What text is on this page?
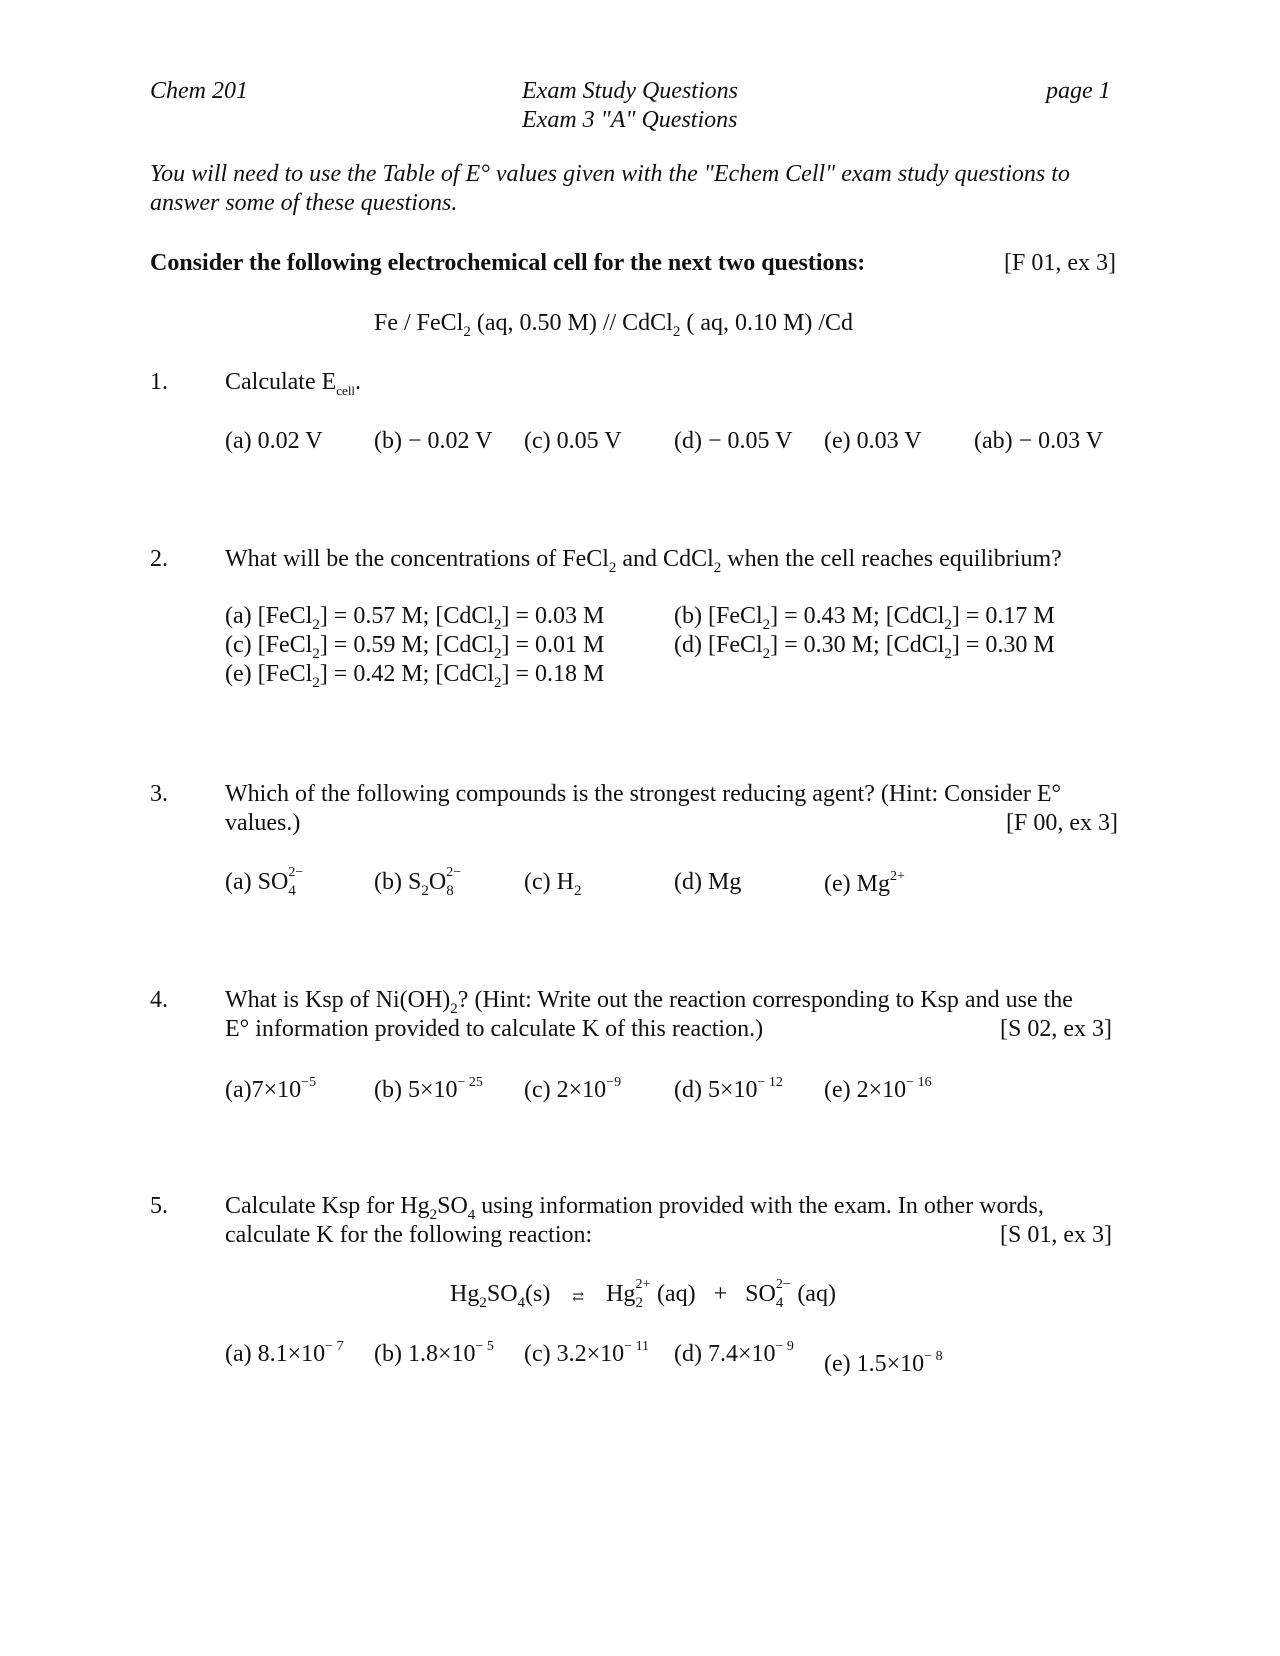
Chem 201	Exam Study Questions
Exam 3 "A" Questions
page 1
You will need to use the Table of E° values given with the "Echem Cell" exam study questions to
answer some of these questions.
Consider the following electrochemical cell for the next two questions:	[F 01, ex 3]
Fe / FeCl$_2$ (aq, 0.50 M) // CdCl$_2$ ( aq, 0.10 M) /Cd
1. Calculate $E_{cell}$.
(a) 0.02 V (b) − 0.02 V (c) 0.05 V (d) − 0.05 V (e) 0.03 V (ab) − 0.03 V
2. What will be the concentrations of FeCl$_2$ and CdCl$_2$ when the cell reaches equilibrium?
(a) [FeCl$_2$] = 0.57 M; [CdCl$_2$] = 0.03 M	(b) [FeCl$_2$] = 0.43 M; [CdCl$_2$] = 0.17 M
(c) [FeCl$_2$] = 0.59 M; [CdCl$_2$] = 0.01 M	(d) [FeCl$_2$] = 0.30 M; [CdCl$_2$] = 0.30 M
(e) [FeCl$_2$] = 0.42 M; [CdCl$_2$] = 0.18 M
3. Which of the following compounds is the strongest reducing agent? (Hint: Consider E°
values.)	[F 00, ex 3]
(a) $SO_4$
2−	(b) $S_2O_8$
2−	(c) $H_2$	(d) Mg	(e) $Mg^{2+}$
4. What is Ksp of $Ni(OH)_2$? (Hint: Write out the reaction corresponding to Ksp and use the
E° information provided to calculate K of this reaction.)	[S 02, ex 3]
$(a)7\times 10^{-5}$ (b) $5\times 10^{- 25}$ (c) $2\times 10^{-9}$ (d) $5\times 10^{- 12}$ (e) $2\times 10^{- 16}$
5. Calculate Ksp for $Hg_2SO_4$ using information provided with the exam. In other words,
calculate K for the following reaction:	[S 01, ex 3]
$Hg_2SO_4(s)$ ⇄ $Hg_2$
$2+ (aq) + SO_4$
2− (aq)
(a) $8.1\times 10^{- 7}$ (b) $1.8\times 10^{- 5}$ (c) $3.2\times 10^{- 11}$ (d) $7.4\times 10^{- 9}$
(e) $1.5\times 10^{- 8}$
